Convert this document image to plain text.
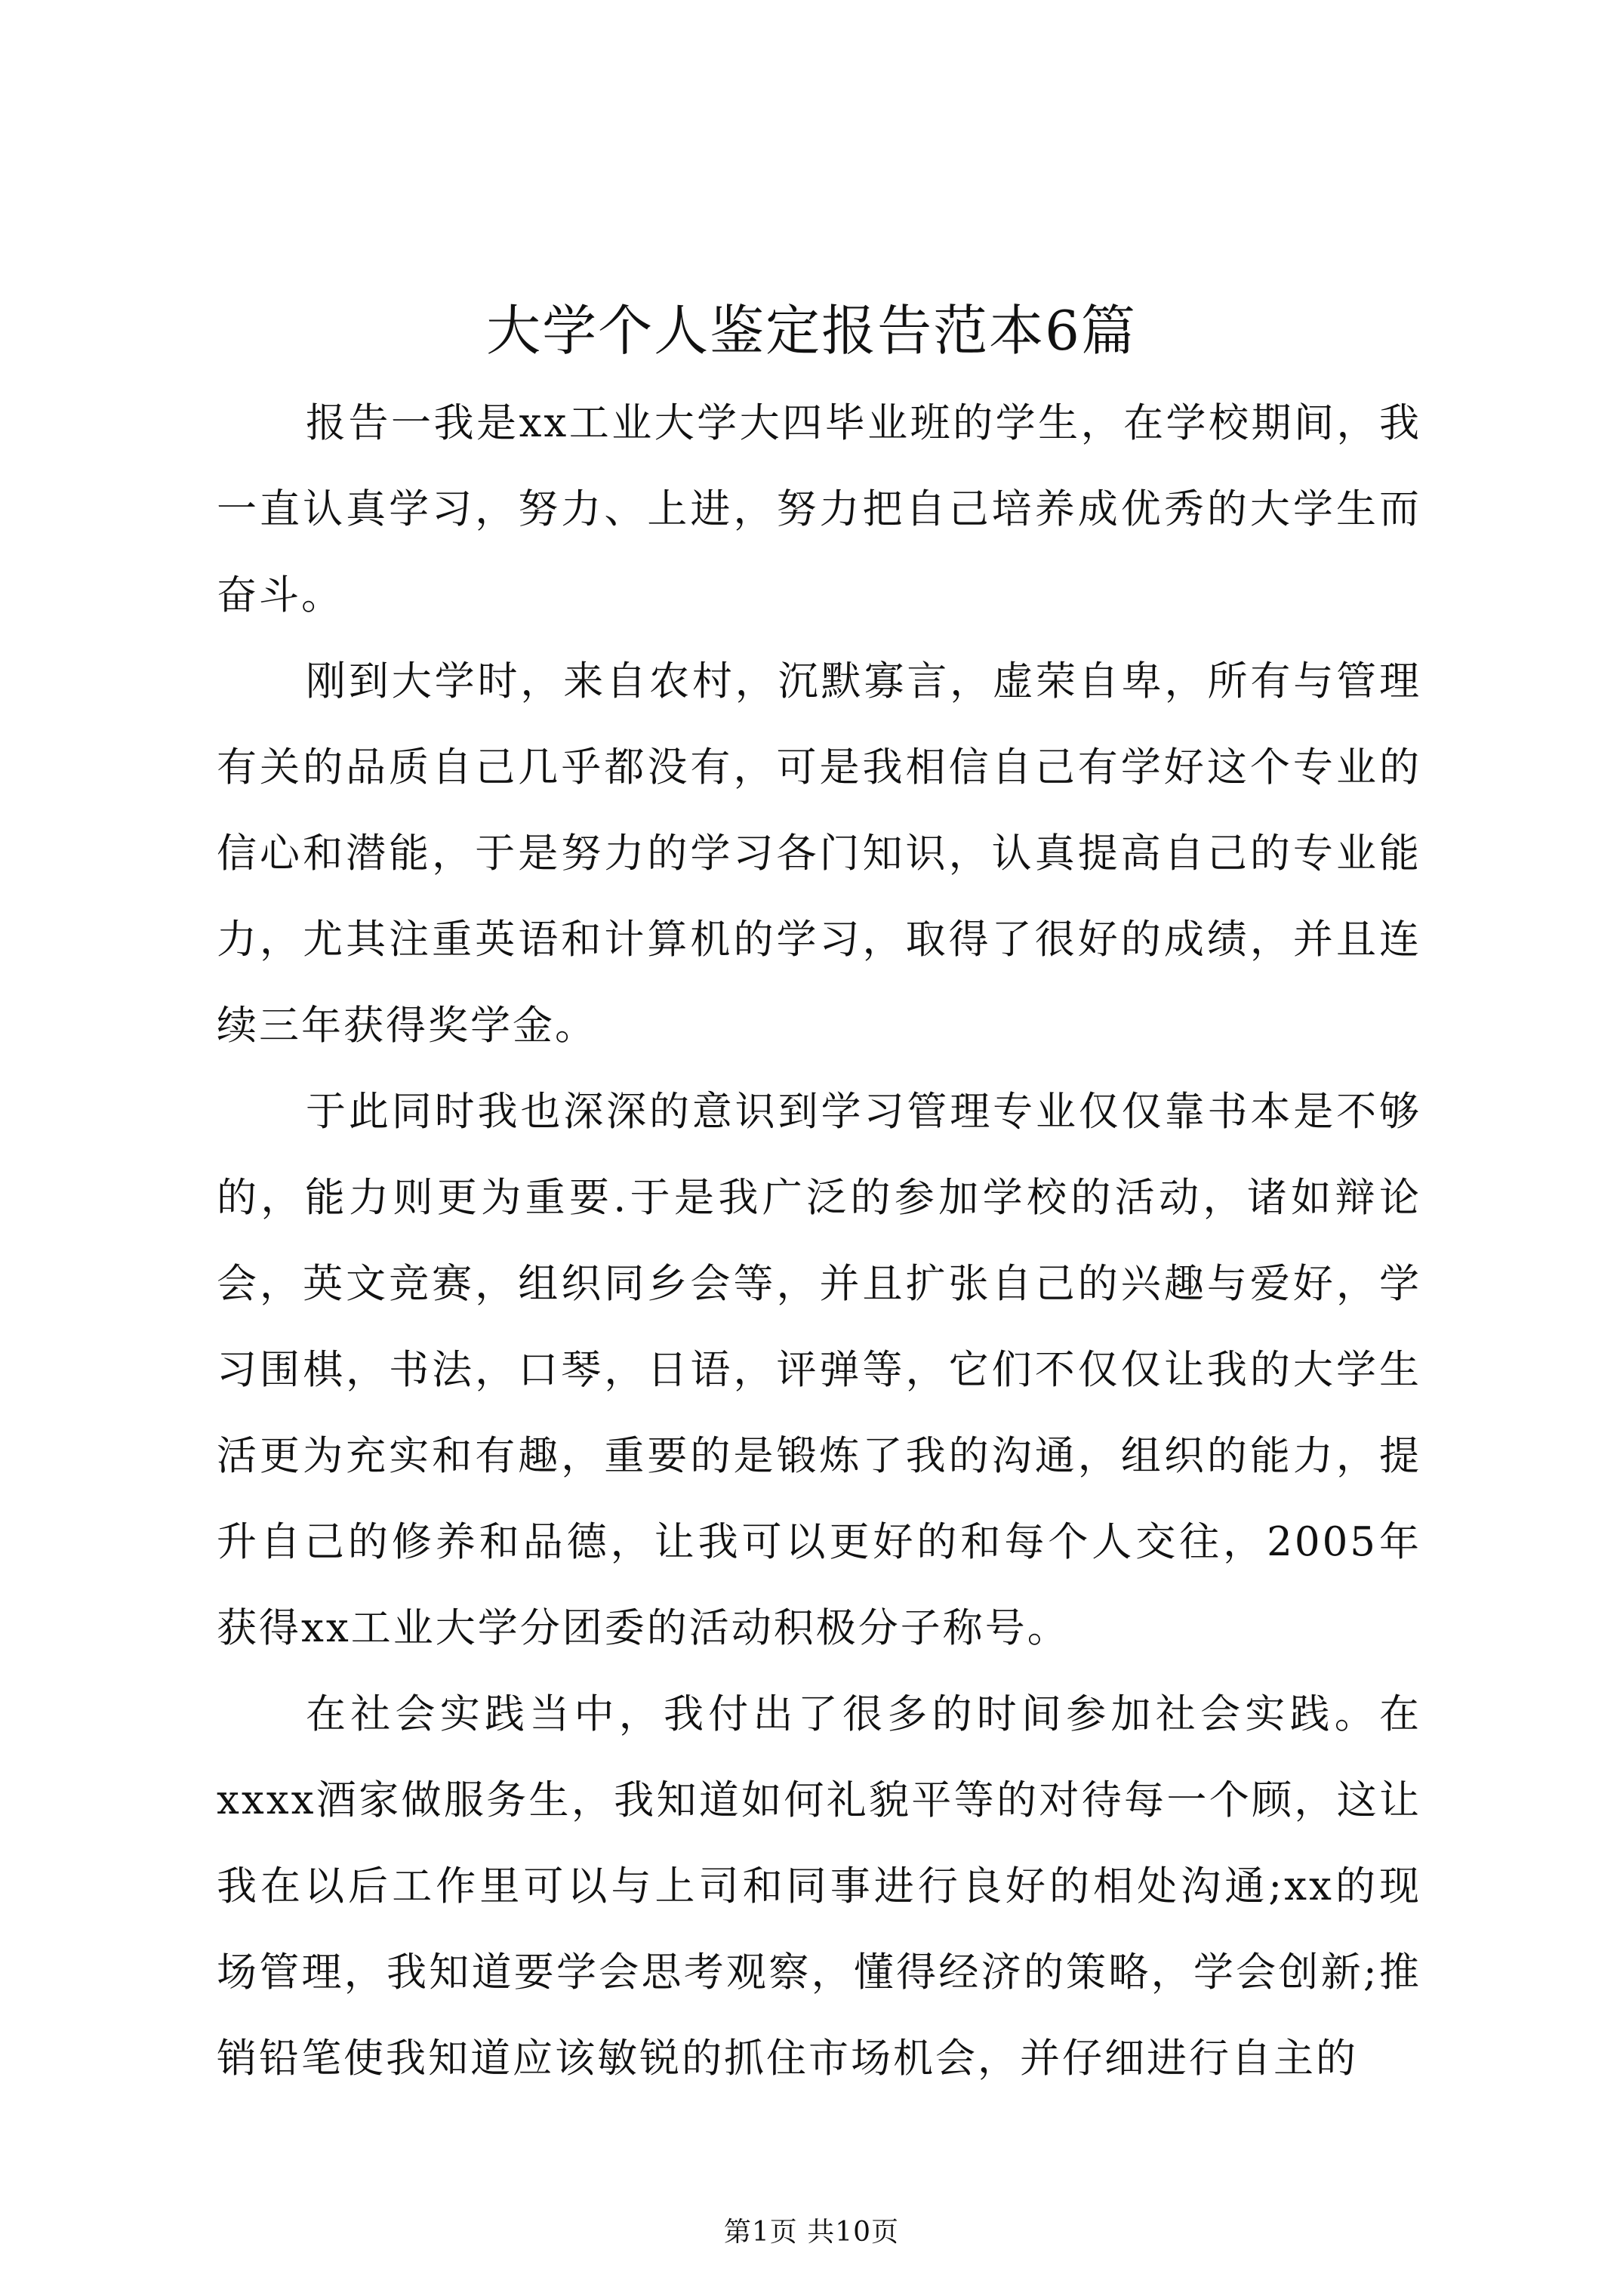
大学个人鉴定报告范本6篇

报告一我是xx工业大学大四毕业班的学生，在学校期间，我一直认真学习，努力、上进，努力把自己培养成优秀的大学生而奋斗。

刚到大学时，来自农村，沉默寡言，虚荣自卑，所有与管理有关的品质自己几乎都没有，可是我相信自己有学好这个专业的信心和潜能，于是努力的学习各门知识，认真提高自己的专业能力，尤其注重英语和计算机的学习，取得了很好的成绩，并且连续三年获得奖学金。

于此同时我也深深的意识到学习管理专业仅仅靠书本是不够的，能力则更为重要.于是我广泛的参加学校的活动，诸如辩论会，英文竞赛，组织同乡会等，并且扩张自己的兴趣与爱好，学习围棋，书法，口琴，日语，评弹等，它们不仅仅让我的大学生活更为充实和有趣，重要的是锻炼了我的沟通，组织的能力，提升自己的修养和品德，让我可以更好的和每个人交往，2005年获得xx工业大学分团委的活动积极分子称号。

在社会实践当中，我付出了很多的时间参加社会实践。在xxxx酒家做服务生，我知道如何礼貌平等的对待每一个顾，这让我在以后工作里可以与上司和同事进行良好的相处沟通;xx的现场管理，我知道要学会思考观察，懂得经济的策略，学会创新;推销铅笔使我知道应该敏锐的抓住市场机会，并仔细进行自主的

第1页 共10页
